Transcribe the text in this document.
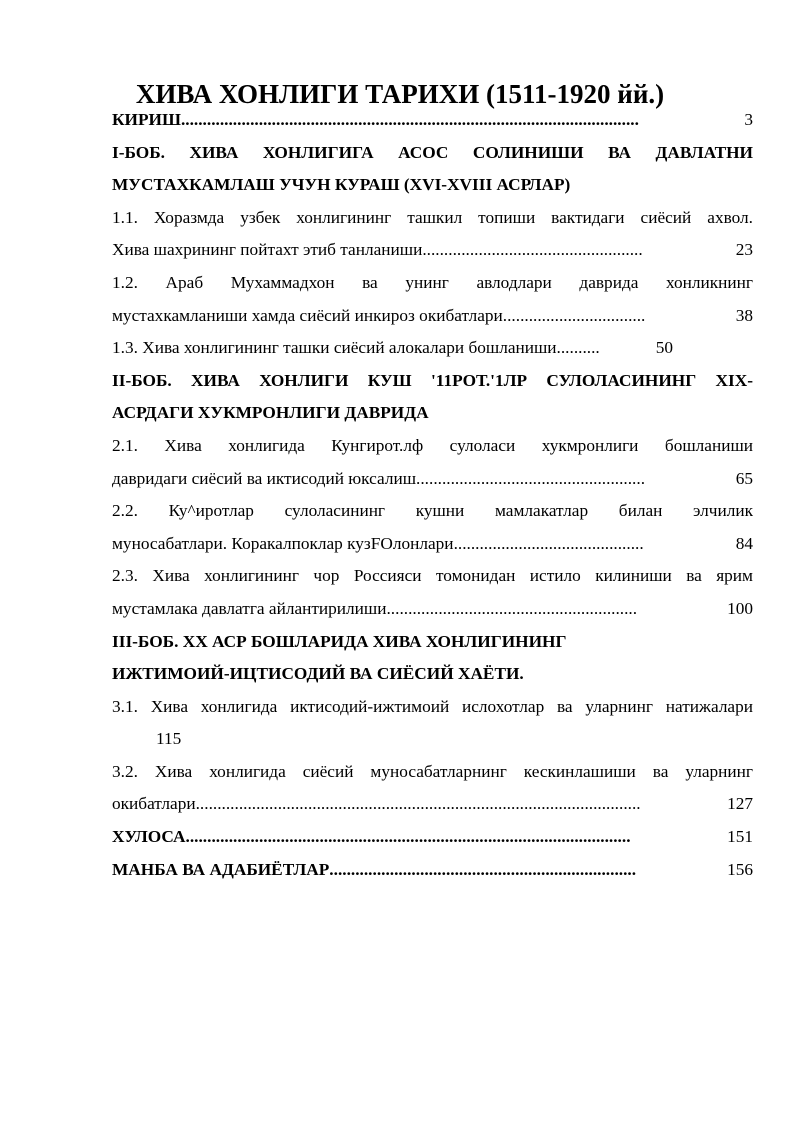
ХИВА ХОНЛИГИ ТАРИХИ (1511-1920 йй.)
КИРИШ ..........................................................................................................	3
I-БОБ. ХИВА ХОНЛИГИГА АСОС СОЛИНИШИ ВА ДАВЛАТНИ
МУСТАХКАМЛАШ УЧУН КУРАШ (XVI-XVIII АСРЛАР)
1.1. Хоразмда узбек хонлигининг ташкил топиши вактидаги сиёсий ахвол.
Хива шахрининг пойтахт этиб танланиши ...................................................	23
1.2. Араб Мухаммадхон ва унинг авлодлари даврида хонликнинг
мустахкамланиши хамда сиёсий инкироз окибатлари .................................	38
1.3. Хива хонлигининг ташки сиёсий алокалари бошланиши..........	50
II-БОБ. ХИВА ХОНЛИГИ КУШ '11РОТ.'1ЛР СУЛОЛАСИНИНГ XIX-
АСРДАГИ ХУКМРОНЛИГИ ДАВРИДА
2.1. Хива хонлигида Кунгирот.лф сулоласи хукмронлиги бошланиши
давридаги сиёсий ва иктисодий юксалиш .....................................................	65
2.2. Ку^иротлар сулоласининг кушни мамлакатлар билан элчилик
муносабатлари. Коракалпоклар кузFОлонлари ............................................	84
2.3. Хива хонлигининг чор Россияси томонидан истило килиниши ва ярим
мустамлака давлатга айлантирилиши ..........................................................	100
III-БОБ. XX АСР БОШЛАРИДА ХИВА ХОНЛИГИНИНГ
ИЖТИМОИЙ-ИЦТИСОДИЙ ВА СИЁСИЙ ХАЁТИ.
3.1. Хива хонлигида иктисодий-ижтимоий ислохотлар ва уларнинг натижалари
115
3.2. Хива хонлигида сиёсий муносабатларнинг кескинлашиши ва уларнинг
окибатлари .......................................................................................................	127
ХУЛОСА .......................................................................................................	151
МАНБА ВА АДАБИЁТЛАР .......................................................................	156
